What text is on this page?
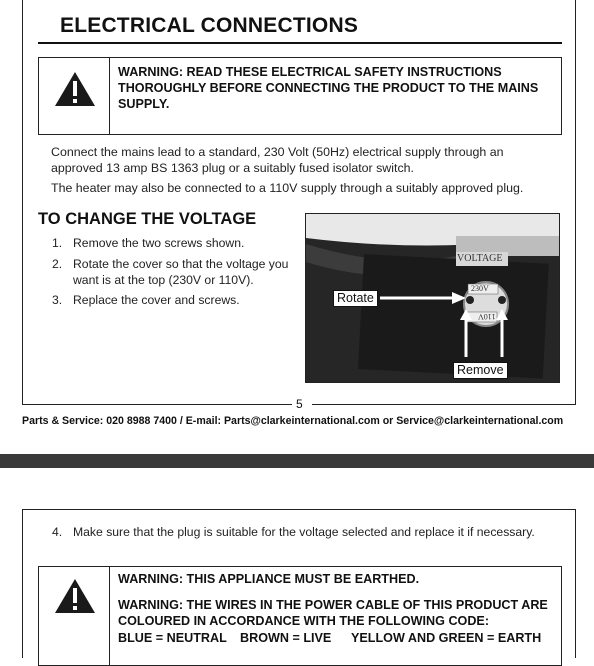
ELECTRICAL CONNECTIONS
WARNING: READ THESE ELECTRICAL SAFETY INSTRUCTIONS THOROUGHLY BEFORE CONNECTING THE PRODUCT TO THE MAINS SUPPLY.
Connect the mains lead to a standard, 230 Volt (50Hz) electrical supply through an approved 13 amp BS 1363 plug or a suitably fused isolator switch.
The heater may also be connected to a 110V supply through a suitably approved plug.
TO CHANGE THE VOLTAGE
1. Remove the two screws shown.
2. Rotate the cover so that the voltage you want is at the top (230V or 110V).
3. Replace the cover and screws.
VOLTAGE
230V
110V
Rotate
Remove
5
Parts & Service: 020 8988 7400 / E-mail: Parts@clarkeinternational.com or Service@clarkeinternational.com
4. Make sure that the plug is suitable for the voltage selected and replace it if necessary.
WARNING: THIS APPLIANCE MUST BE EARTHED.
WARNING: THE WIRES IN THE POWER CABLE OF THIS PRODUCT ARE COLOURED IN ACCORDANCE WITH THE FOLLOWING CODE:
BLUE = NEUTRAL BROWN = LIVE YELLOW AND GREEN = EARTH
